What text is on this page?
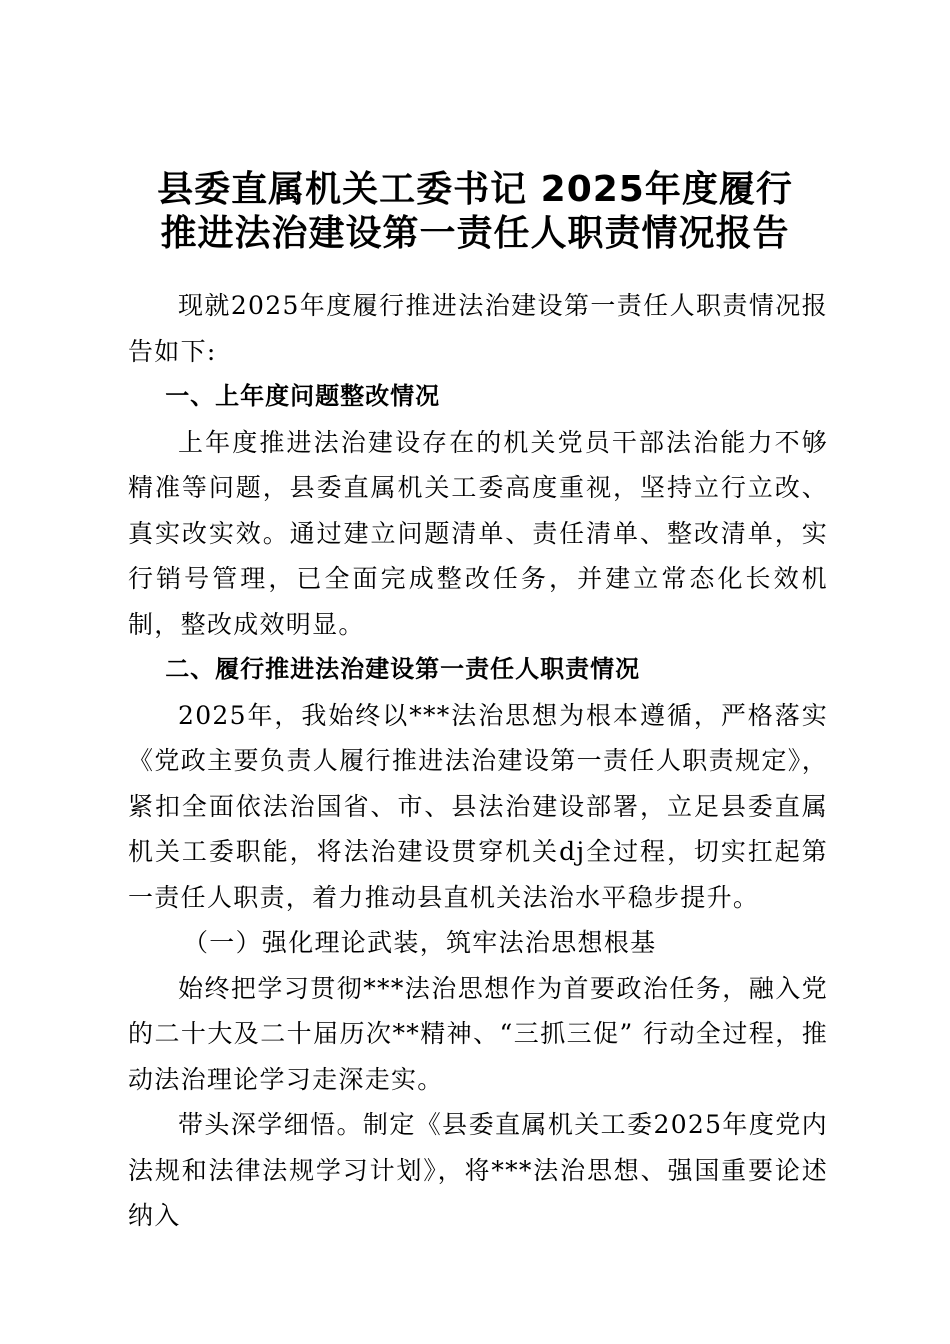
县委直属机关工委书记 2025年度履行
推进法治建设第一责任人职责情况报告

现就2025年度履行推进法治建设第一责任人职责情况报告如下:

一、上年度问题整改情况

上年度推进法治建设存在的机关党员干部法治能力不够精准等问题，县委直属机关工委高度重视，坚持立行立改、真实改实效。通过建立问题清单、责任清单、整改清单，实行销号管理，已全面完成整改任务，并建立常态化长效机制，整改成效明显。

二、履行推进法治建设第一责任人职责情况

2025年，我始终以***法治思想为根本遵循，严格落实《党政主要负责人履行推进法治建设第一责任人职责规定》，紧扣全面依法治国省、市、县法治建设部署，立足县委直属机关工委职能，将法治建设贯穿机关dj全过程，切实扛起第一责任人职责，着力推动县直机关法治水平稳步提升。

（一）强化理论武装，筑牢法治思想根基

始终把学习贯彻***法治思想作为首要政治任务，融入党的二十大及二十届历次**精神、“三抓三促” 行动全过程，推动法治理论学习走深走实。

带头深学细悟。制定《县委直属机关工委2025年度党内法规和法律法规学习计划》，将***法治思想、强国重要论述纳入
